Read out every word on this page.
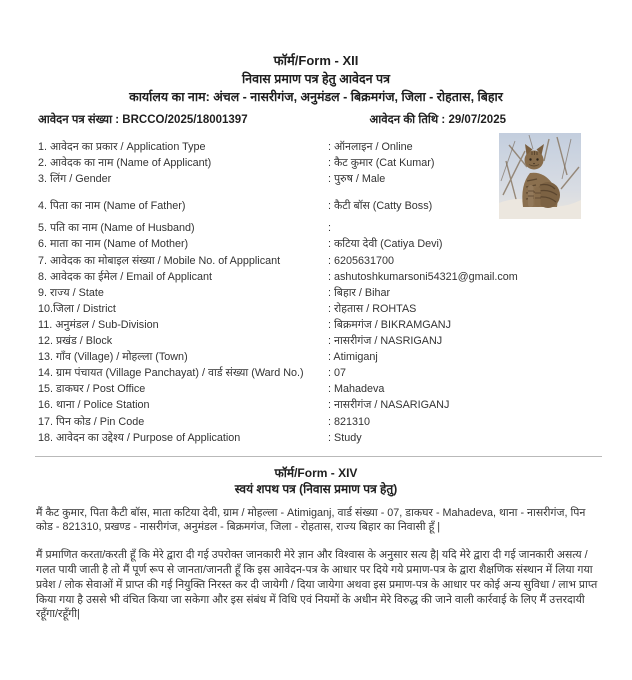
फॉर्म/Form - XII
निवास प्रमाण पत्र हेतु आवेदन पत्र
कार्यालय का नाम: अंचल - नासरीगंज, अनुमंडल - बिक्रमगंज, जिला - रोहतास, बिहार
आवेदन पत्र संख्या : BRCCO/2025/18001397	आवेदन की तिथि : 29/07/2025
1. आवेदन का प्रकार / Application Type	: ऑनलाइन / Online
2. आवेदक का नाम (Name of Applicant)	: कैट कुमार (Cat Kumar)
3. लिंग / Gender	: पुरुष / Male
4. पिता का नाम (Name of Father)	: कैटी बॉस (Catty Boss)
5. पति का नाम (Name of Husband)	:
6. माता का नाम (Name of Mother)	: कटिया देवी (Catiya Devi)
7. आवेदक का मोबाइल संख्या / Mobile No. of Appplicant	: 6205631700
8. आवेदक का ईमेल / Email of Applicant	: ashutoshkumarsoni54321@gmail.com
9. राज्य / State	: बिहार / Bihar
10.जिला / District	: रोहतास / ROHTAS
11. अनुमंडल / Sub-Division	: बिक्रमगंज / BIKRAMGANJ
12. प्रखंड / Block	: नासरीगंज / NASRIGANJ
13. गाँव (Village) / मोहल्ला (Town)	: Atimiganj
14. ग्राम पंचायत (Village Panchayat) / वार्ड संख्या (Ward No.)	: 07
15. डाकघर / Post Office	: Mahadeva
16. थाना / Police Station	: नासरीगंज / NASARIGANJ
17. पिन कोड / Pin Code	: 821310
18. आवेदन का उद्देश्य / Purpose of Application	: Study
फॉर्म/Form - XIV
स्वयं शपथ पत्र (निवास प्रमाण पत्र हेतु)

मैं कैट कुमार, पिता कैटी बॉस, माता कटिया देवी, ग्राम / मोहल्ला - Atimiganj, वार्ड संख्या - 07, डाकघर - Mahadeva, थाना - नासरीगंज, पिन कोड - 821310, प्रखण्ड - नासरीगंज, अनुमंडल - बिक्रमगंज, जिला - रोहतास, राज्य बिहार का निवासी हूँ |

मैं प्रमाणित करता/करती हूँ कि मेरे द्वारा दी गई उपरोक्त जानकारी मेरे ज्ञान और विश्वास के अनुसार सत्य है| यदि मेरे द्वारा दी गई जानकारी असत्य / गलत पायी जाती है तो मैं पूर्ण रूप से जानता/जानती हूँ कि इस आवेदन-पत्र के आधार पर दिये गये प्रमाण-पत्र के द्वारा शैक्षणिक संस्थान में लिया गया प्रवेश / लोक सेवाओं में प्राप्त की गई नियुक्ति निरस्त कर दी जायेगी / दिया जायेगा अथवा इस प्रमाण-पत्र के आधार पर कोई अन्य सुविधा / लाभ प्राप्त किया गया है उससे भी वंचित किया जा सकेगा और इस संबंध में विधि एवं नियमों के अधीन मेरे विरुद्ध की जाने वाली कार्रवाई के लिए मैं उत्तरदायी रहूँगा/रहूँगी|
